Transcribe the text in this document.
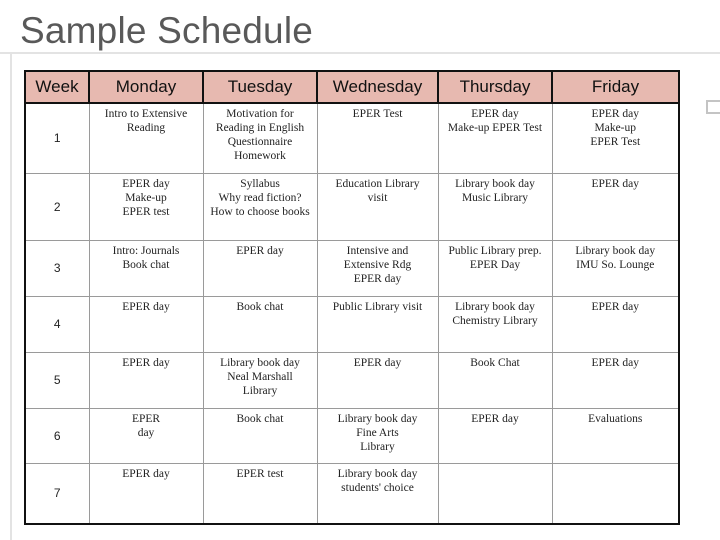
Sample Schedule
Week	Monday	Tuesday	Wednesday	Thursday	Friday
1	Intro to Extensive
Reading	Motivation for
Reading in English
Questionnaire
Homework	EPER Test	EPER day
Make-up EPER Test	EPER day
Make-up
EPER Test
2	EPER day
Make-up
EPER test	Syllabus
Why read fiction?
How to choose books	Education Library
visit	Library book day
Music Library	EPER day
3	Intro: Journals
Book chat	EPER day	Intensive and
Extensive Rdg
EPER day	Public Library prep.
EPER Day	Library book day
IMU So. Lounge
4	EPER day	Book chat	Public Library visit	Library book day
Chemistry Library	EPER day
5	EPER day	Library book day
Neal Marshall
Library	EPER day	Book Chat	EPER day
6	EPER
day	Book chat	Library book day
Fine Arts
Library	EPER day	Evaluations
7	EPER day	EPER test	Library book day
students' choice		
